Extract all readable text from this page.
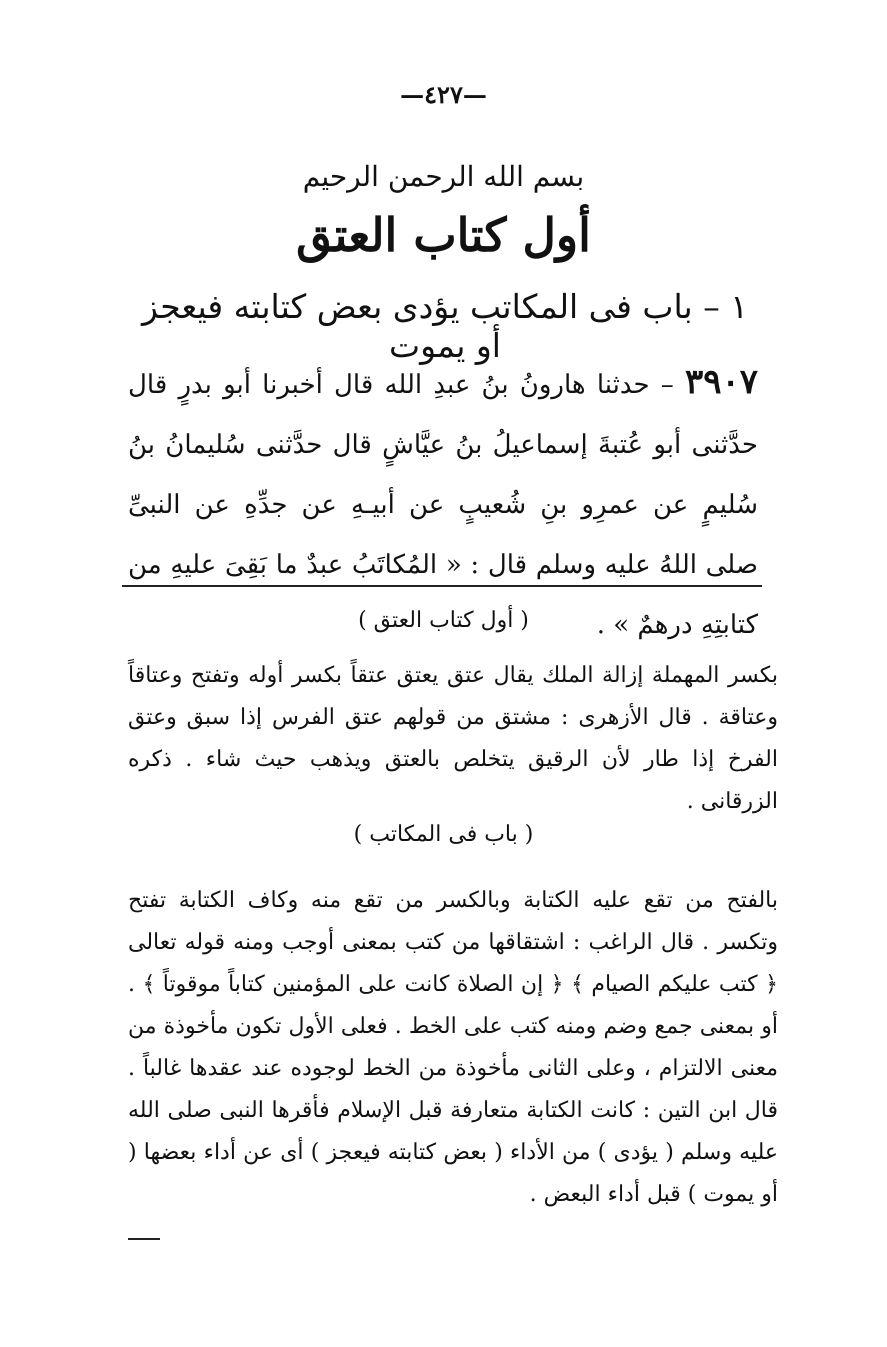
—٤٢٧—
بسم الله الرحمن الرحيم
أول كتاب العتق
١ – باب فى المكاتب يؤدى بعض كتابته فيعجز أو يموت
٣٩٠٧ – حدثنا هارونُ بنُ عبدِ الله قال أخبرنا أبو بدرٍ قال حدَّثنى أبو عُتبةَ إسماعيلُ بنُ عيَّاشٍ قال حدَّثنى سُليمانُ بنُ سُليمٍ عن عمرِو بنِ شُعيبٍ عن أبيـهِ عن جدِّهِ عن النبىِّ صلى اللهُ عليه وسلم قال : « المُكاتَبُ عبدٌ ما بَقِىَ عليهِ من كتابتِهِ درهمٌ » .
( أول كتاب العتق )
بكسر المهملة إزالة الملك يقال عتق يعتق عتقاً بكسر أوله وتفتح وعتاقاً وعتاقة . قال الأزهرى : مشتق من قولهم عتق الفرس إذا سبق وعتق الفرخ إذا طار لأن الرقيق يتخلص بالعتق ويذهب حيث شاء . ذكره الزرقانى .
( باب فى المكاتب )
بالفتح من تقع عليه الكتابة وبالكسر من تقع منه وكاف الكتابة تفتح وتكسر . قال الراغب : اشتقاقها من كتب بمعنى أوجب ومنه قوله تعالى ﴿ كتب عليكم الصيام ﴾ ﴿ إن الصلاة كانت على المؤمنين كتاباً موقوتاً ﴾ . أو بمعنى جمع وضم ومنه كتب على الخط . فعلى الأول تكون مأخوذة من معنى الالتزام ، وعلى الثانى مأخوذة من الخط لوجوده عند عقدها غالباً . قال ابن التين : كانت الكتابة متعارفة قبل الإسلام فأقرها النبى صلى الله عليه وسلم ( يؤدى ) من الأداء ( بعض كتابته فيعجز ) أى عن أداء بعضها ( أو يموت ) قبل أداء البعض .
